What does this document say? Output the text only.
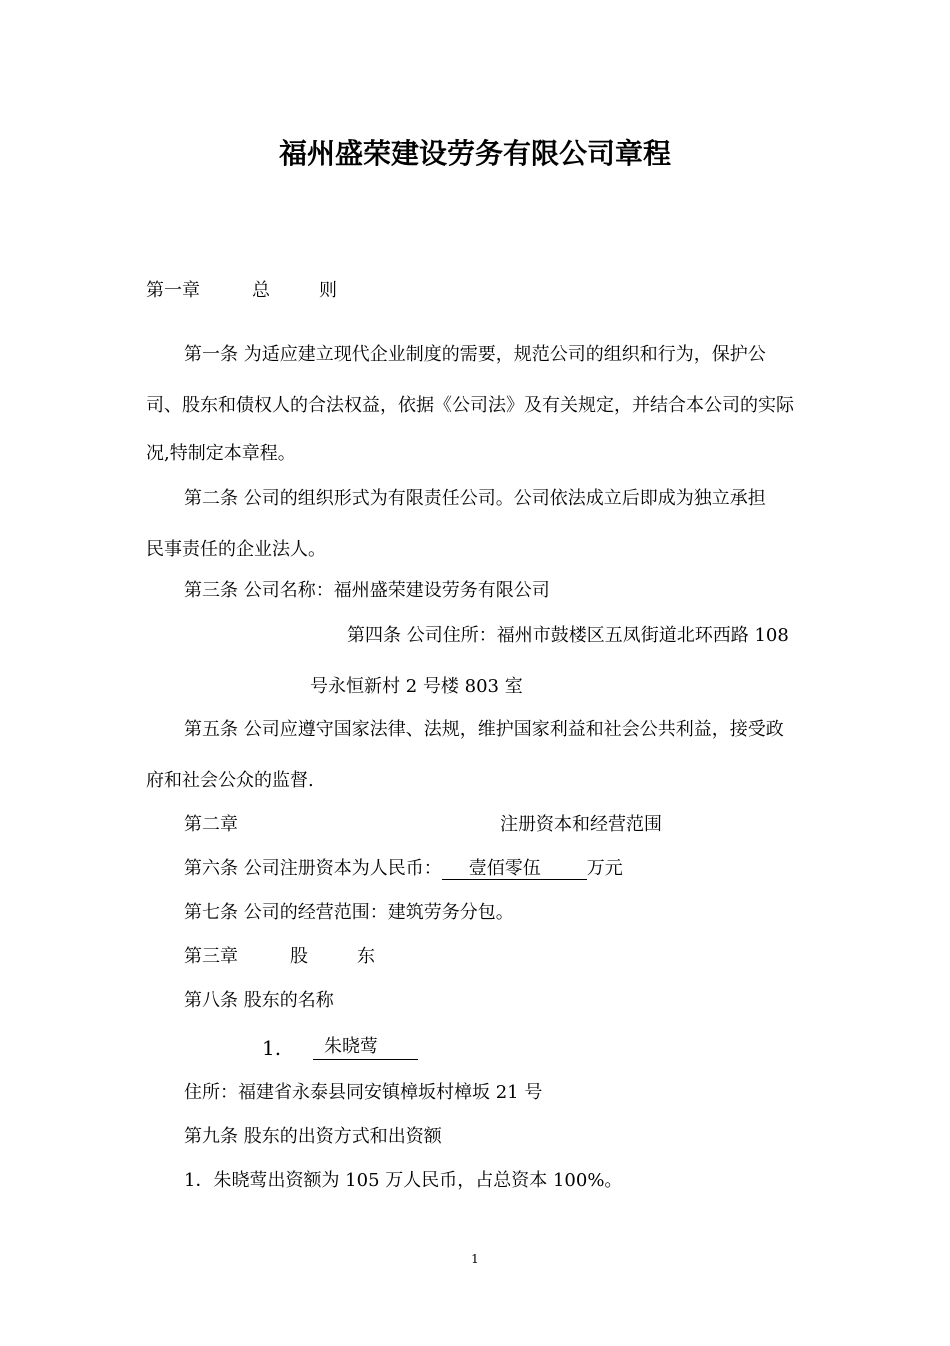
福州盛荣建设劳务有限公司章程
第一章	总	则
第一条 为适应建立现代企业制度的需要，规范公司的组织和行为，保护公
司、股东和债权人的合法权益，依据《公司法》及有关规定，并结合本公司的实际
况,特制定本章程。
第二条 公司的组织形式为有限责任公司。公司依法成立后即成为独立承担
民事责任的企业法人。
第三条 公司名称：福州盛荣建设劳务有限公司
第四条 公司住所：福州市鼓楼区五凤街道北环西路 108
号永恒新村 2 号楼 803 室
第五条 公司应遵守国家法律、法规，维护国家利益和社会公共利益，接受政
府和社会公众的监督.
第二章	注册资本和经营范围
第六条 公司注册资本为人民币： 壹佰零伍	万元
第七条 公司的经营范围：建筑劳务分包。
第三章	股	东
第八条 股东的名称
1.	朱晓莺
住所：福建省永泰县同安镇樟坂村樟坂 21 号
第九条 股东的出资方式和出资额
1．朱晓莺出资额为 105 万人民币，占总资本 100%。
1
